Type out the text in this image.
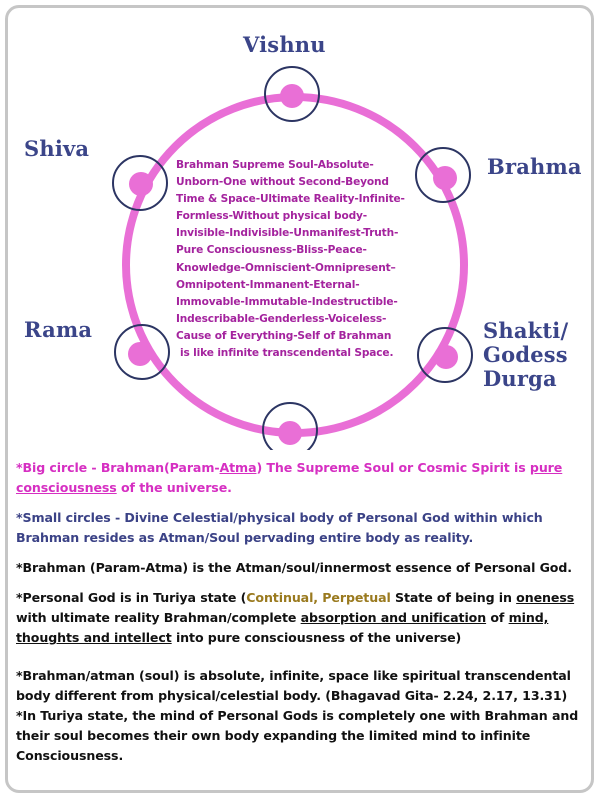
Vishnu
Shiva
Brahma
Rama	Shakti/
Godess
Durga
Brahman Supreme Soul-Absolute-
Unborn-One without Second-Beyond
Time & Space-Ultimate Reality-Infinite-
Formless-Without physical body-
Invisible-Indivisible-Unmanifest-Truth-
Pure Consciousness-Bliss-Peace-
Knowledge-Omniscient-Omnipresent–
Omnipotent-Immanent-Eternal-
Immovable-Immutable-Indestructible-
Indescribable-Genderless-Voiceless-
Cause of Everything-Self of Brahman
is like infinite transcendental Space.

*Big circle - Brahman(Param-Atma) The Supreme Soul or Cosmic Spirit is pure consciousness of the universe.

*Small circles - Divine Celestial/physical body of Personal God within which Brahman resides as Atman/Soul pervading entire body as reality.

*Brahman (Param-Atma) is the Atman/soul/innermost essence of Personal God.

*Personal God is in Turiya state (Continual, Perpetual State of being in oneness with ultimate reality Brahman/complete absorption and unification of mind, thoughts and intellect into pure consciousness of the universe)

*Brahman/atman (soul) is absolute, infinite, space like spiritual transcendental body different from physical/celestial body. (Bhagavad Gita- 2.24, 2.17, 13.31)

*In Turiya state, the mind of Personal Gods is completely one with Brahman and their soul becomes their own body expanding the limited mind to infinite Consciousness.
